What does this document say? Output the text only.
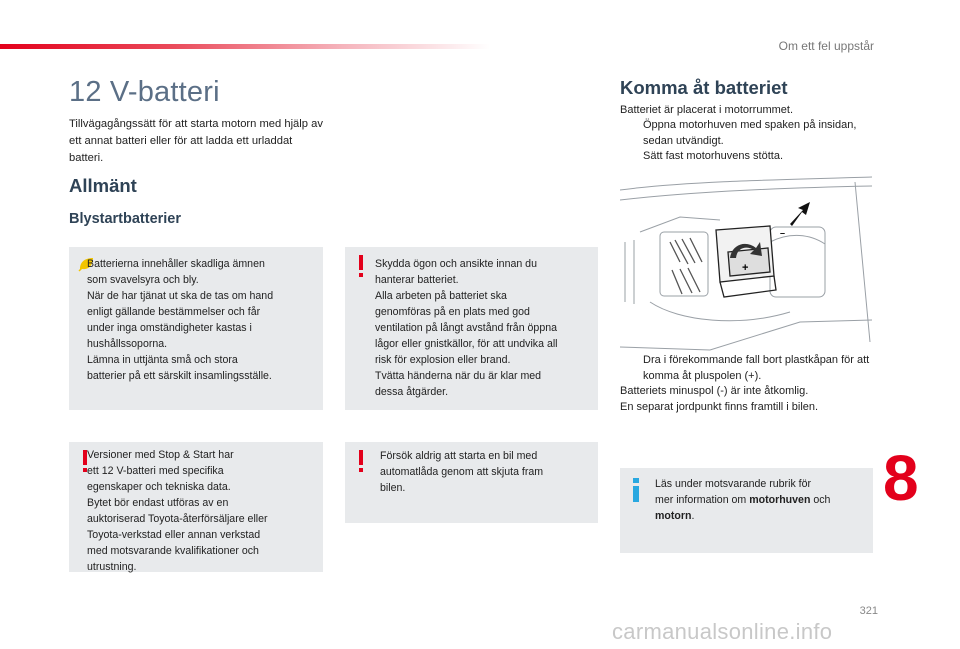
Om ett fel uppstår
12 V-batteri

Tillvägagångssätt för att starta motorn med hjälp av ett annat batteri eller för att ladda ett urladdat batteri.

Allmänt
Blystartbatterier

Batterierna innehåller skadliga ämnen
som svavelsyra och bly.
När de har tjänat ut ska de tas om hand
enligt gällande bestämmelser och får
under inga omständigheter kastas i
hushållssoporna.
Lämna in uttjänta små och stora
batterier på ett särskilt insamlingsställe.

Skydda ögon och ansikte innan du
hanterar batteriet.
Alla arbeten på batteriet ska
genomföras på en plats med god
ventilation på långt avstånd från öppna
lågor eller gnistkällor, för att undvika all
risk för explosion eller brand.
Tvätta händerna när du är klar med
dessa åtgärder.

Versioner med Stop & Start har
ett 12 V-batteri med specifika
egenskaper och tekniska data.
Bytet bör endast utföras av en
auktoriserad Toyota-återförsäljare eller
Toyota-verkstad eller annan verkstad
med motsvarande kvalifikationer och
utrustning.

Försök aldrig att starta en bil med
automatlåda genom att skjuta fram
bilen.

Komma åt batteriet

Batteriet är placerat i motorrummet.

Öppna motorhuven med spaken på insidan, sedan utvändigt.

Sätt fast motorhuvens stötta.

+
–

Dra i förekommande fall bort plastkåpan för att komma åt pluspolen (+).

Batteriets minuspol (-) är inte åtkomlig.

En separat jordpunkt finns framtill i bilen.

Läs under motsvarande rubrik för
mer information om motorhuven och
motorn.

8
321
carmanualsonline.info
